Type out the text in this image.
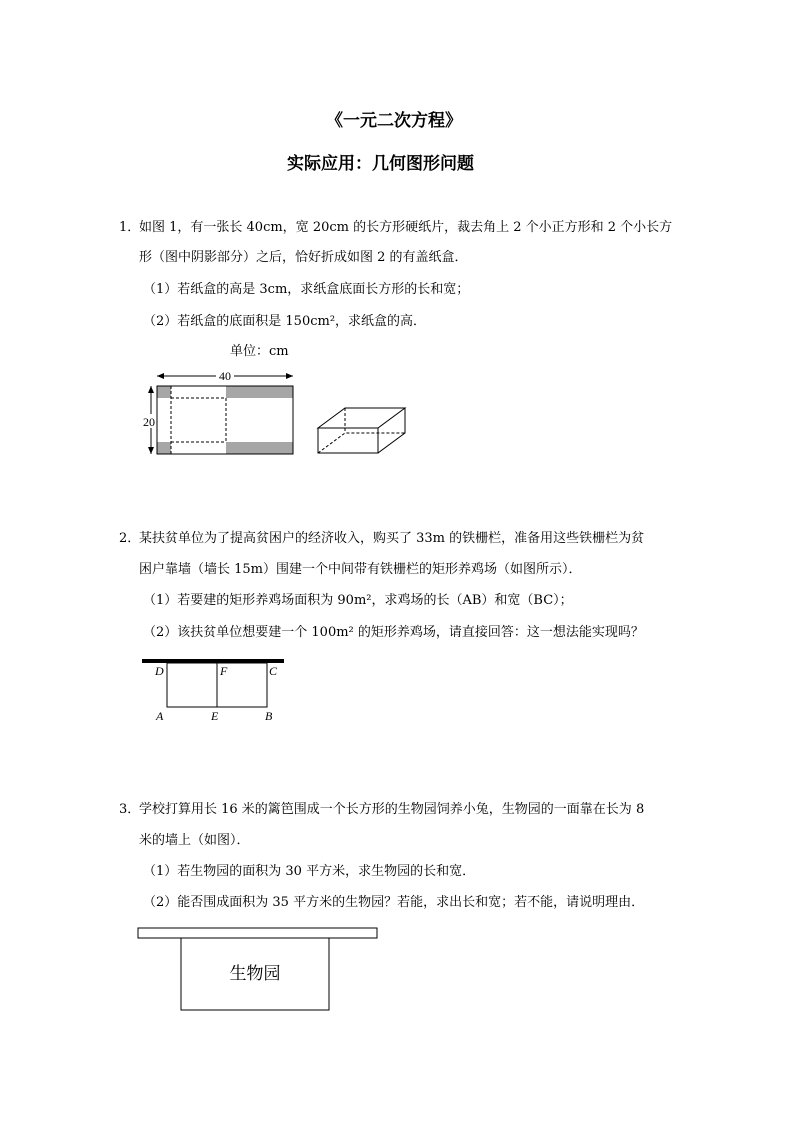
《一元二次方程》
实际应用：几何图形问题
1．
如图 1，有一张长 40cm，宽 20cm 的长方形硬纸片，裁去角上 2 个小正方形和 2 个小长方
形（图中阴影部分）之后，恰好折成如图 2 的有盖纸盒．
（1）若纸盒的高是 3cm，求纸盒底面长方形的长和宽；
（2）若纸盒的底面积是 150cm²，求纸盒的高．
单位：cm
40
20
2．
某扶贫单位为了提高贫困户的经济收入，购买了 33m 的铁栅栏，准备用这些铁栅栏为贫
困户靠墙（墙长 15m）围建一个中间带有铁栅栏的矩形养鸡场（如图所示）．
（1）若要建的矩形养鸡场面积为 90m²，求鸡场的长（AB）和宽（BC）；
（2）该扶贫单位想要建一个 100m² 的矩形养鸡场，请直接回答：这一想法能实现吗？
D	F	C
A	E	B
3．
学校打算用长 16 米的篱笆围成一个长方形的生物园饲养小兔，生物园的一面靠在长为 8
米的墙上（如图）．
（1）若生物园的面积为 30 平方米，求生物园的长和宽．
（2）能否围成面积为 35 平方米的生物园？若能，求出长和宽；若不能，请说明理由．
生物园
